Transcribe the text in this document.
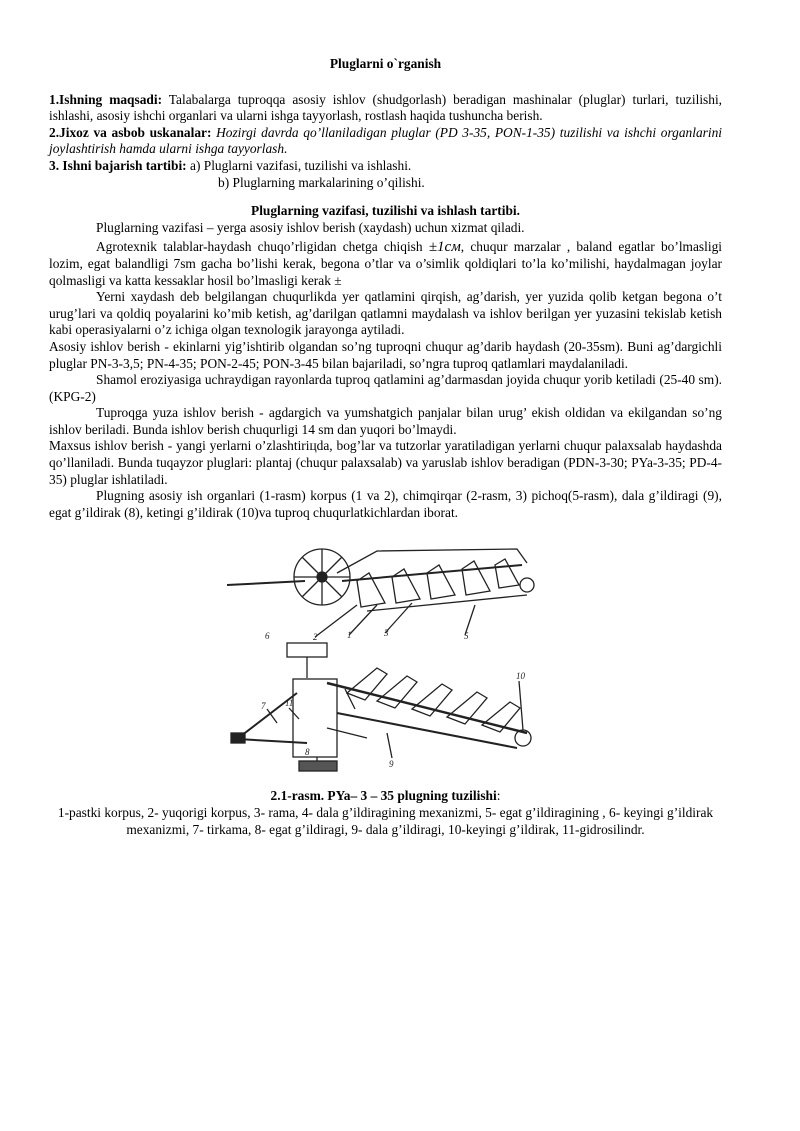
Pluglarni o`rganish

1.Ishning maqsadi: Talabalarga tuproqqa asosiy ishlov (shudgorlash) beradigan mashinalar (pluglar) turlari, tuzilishi, ishlashi, asosiy ishchi organlari va ularni ishga tayyorlash, rostlash haqida tushuncha berish.

2.Jixoz va asbob uskanalar: Hozirgi davrda qo’llaniladigan pluglar (PD 3-35, PON-1-35) tuzilishi va ishchi organlarini joylashtirish hamda ularni ishga tayyorlash.

3. Ishni bajarish tartibi: a) Pluglarni vazifasi, tuzilishi va ishlashi.

b) Pluglarning markalarining o’qilishi.

Pluglarning vazifasi, tuzilishi va ishlash tartibi.

Pluglarning vazifasi – yerga asosiy ishlov berish (xaydash) uchun xizmat qiladi.

Agrotexnik talablar-haydash chuqo’rligidan chetga chiqish ±1см, chuqur marzalar , baland egatlar bo’lmasligi lozim, egat balandligi 7sm gacha bo’lishi kerak, begona o’tlar va o’simlik qoldiqlari to’la ko’milishi, haydalmagan joylar qolmasligi va katta kessaklar hosil bo’lmasligi kerak ±

Yerni xaydash deb belgilangan chuqurlikda yer qatlamini qirqish, ag’darish, yer yuzida qolib ketgan begona o’t urug’lari va qoldiq poyalarini ko’mib ketish, ag’darilgan qatlamni maydalash va ishlov berilgan yer yuzasini tekislab ketish kabi operasiyalarni o’z ichiga olgan texnologik jarayonga aytiladi.

Asosiy ishlov berish - ekinlarni yig’ishtirib olgandan so’ng tuproqni chuqur ag’darib haydash (20-35sm). Buni ag’dargichli pluglar PN-3-3,5; PN-4-35; PON-2-45; PON-3-45 bilan bajariladi, so’ngra tuproq qatlamlari maydalaniladi.

Shamol eroziyasiga uchraydigan rayonlarda tuproq qatlamini ag’darmasdan joyida chuqur yorib ketiladi (25-40 sm).(KPG-2)

Tuproqga yuza ishlov berish - agdargich va yumshatgich panjalar bilan urug’ ekish oldidan va ekilgandan so’ng ishlov beriladi. Bunda ishlov berish chuqurligi 14 sm dan yuqori bo’lmaydi.

Maxsus ishlov berish - yangi yerlarni o’zlashtiriцda, bog’lar va tutzorlar yaratiladigan yerlarni chuqur palaxsalab haydashda qo’llaniladi. Bunda tuqayzor pluglari: plantaj (chuqur palaxsalab) va yaruslab ishlov beradigan (PDN-3-30; PYa-3-35; PD-4-35) pluglar ishlatiladi.

Plugning asosiy ish organlari (1-rasm) korpus (1 va 2), chimqirqar (2-rasm, 3) pichoq(5-rasm), dala g’ildiragi (9), egat g’ildirak (8), ketingi g’ildirak (10)va tuproq chuqurlatkichlardan iborat.

2	1	3	5
6
7 11
8
9
10
2.1-rasm. PYa– 3 – 35 plugning tuzilishi:

1-pastki korpus, 2- yuqorigi korpus, 3- rama, 4- dala g’ildiragining mexanizmi, 5- egat g’ildiragining , 6- keyingi g’ildirak mexanizmi, 7- tirkama, 8- egat g’ildiragi, 9- dala g’ildiragi, 10-keyingi g’ildirak, 11-gidrosilindr.
